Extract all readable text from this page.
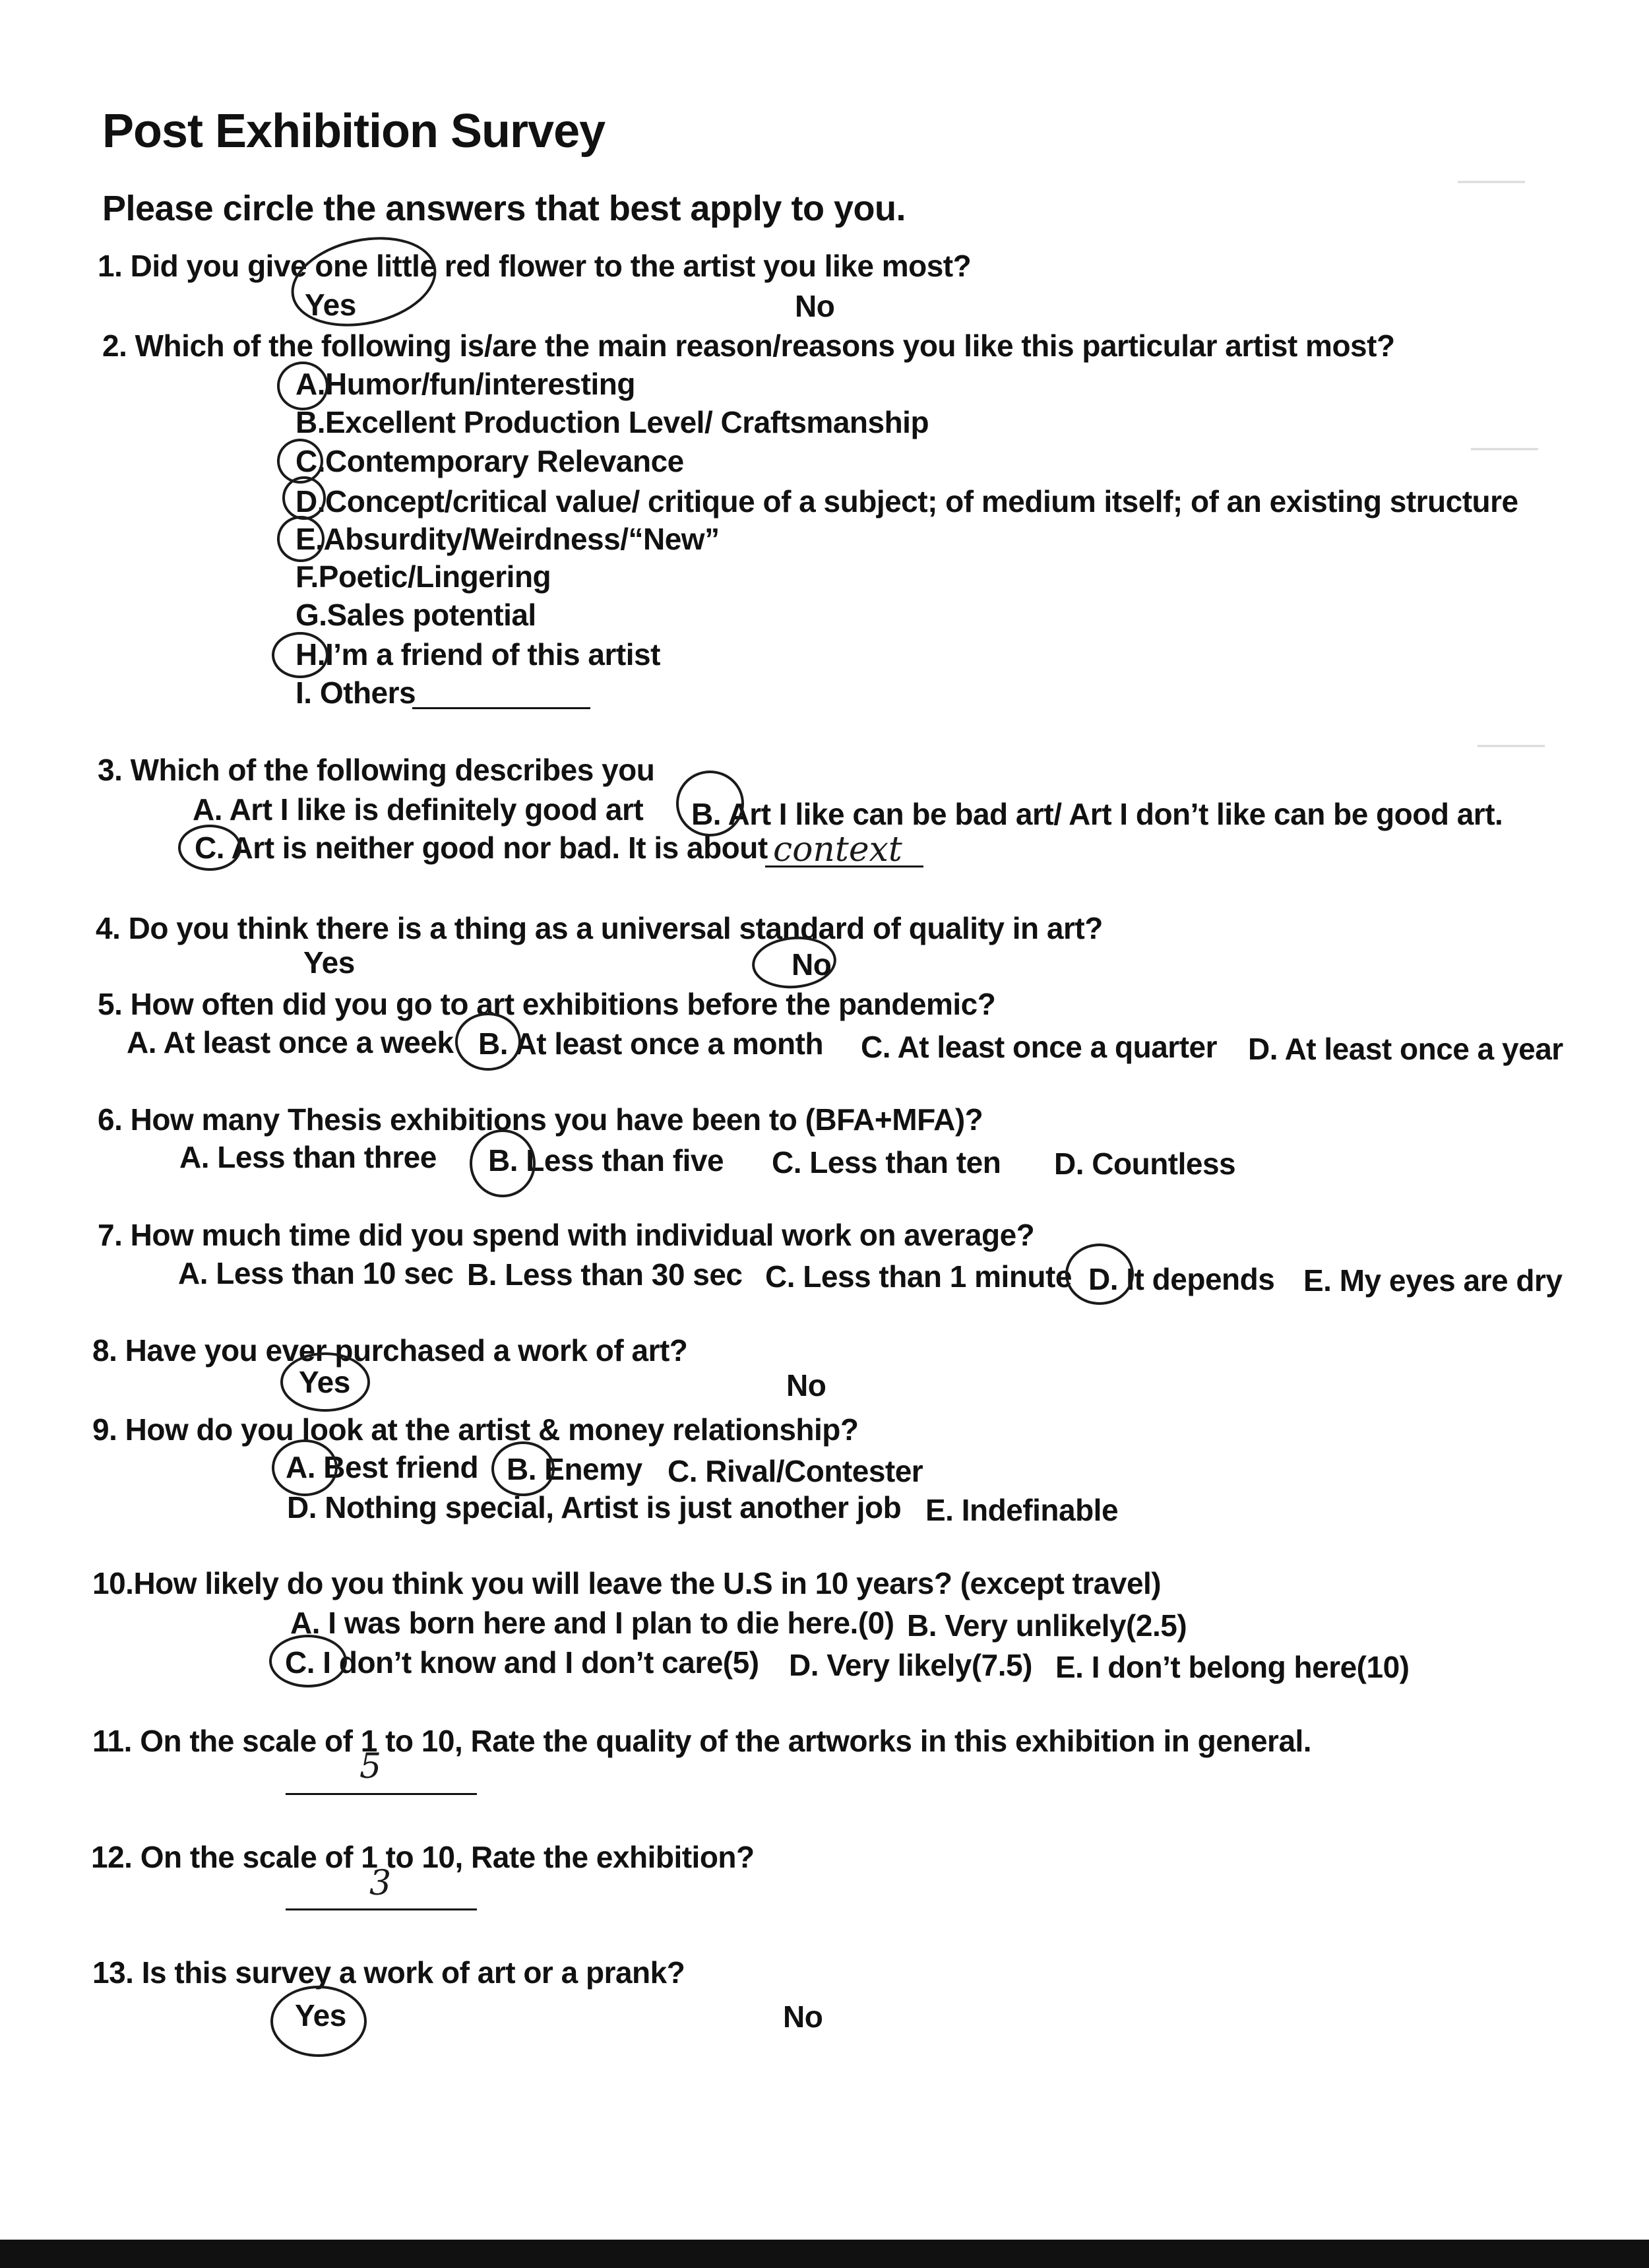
———
———
———
Post Exhibition Survey
Please circle the answers that best apply to you.
1. Did you give one little red flower to the artist you like most?
Yes	No
2. Which of the following is/are the main reason/reasons you like this particular artist most?
A.Humor/fun/interesting
B.Excellent Production Level/ Craftsmanship
C.Contemporary Relevance
D.Concept/critical value/ critique of a subject; of medium itself; of an existing structure
E.Absurdity/Weirdness/“New”
F.Poetic/Lingering
G.Sales potential
H.I’m a friend of this artist
I. Others
3. Which of the following describes you
A. Art I like is definitely good art B. Art I like can be bad art/ Art I don’t like can be good art.
C. Art is neither good nor bad. It is about context
4. Do you think there is a thing as a universal standard of quality in art?
Yes	No
5. How often did you go to art exhibitions before the pandemic?
A. At least once a week B. At least once a month C. At least once a quarter D. At least once a year
6. How many Thesis exhibitions you have been to (BFA+MFA)?
A. Less than three B. Less than five C. Less than ten D. Countless
7. How much time did you spend with individual work on average?
A. Less than 10 sec B. Less than 30 sec C. Less than 1 minute D. It depends E. My eyes are dry
8. Have you ever purchased a work of art?
Yes	No
9. How do you look at the artist & money relationship?
A. Best friend B. Enemy C. Rival/Contester
D. Nothing special, Artist is just another job E. Indefinable
10.How likely do you think you will leave the U.S in 10 years? (except travel)
A. I was born here and I plan to die here.(0) B. Very unlikely(2.5)
C. I don’t know and I don’t care(5) D. Very likely(7.5) E. I don’t belong here(10)
11. On the scale of 1 to 10, Rate the quality of the artworks in this exhibition in general.
5
12. On the scale of 1 to 10, Rate the exhibition?
3
13. Is this survey a work of art or a prank?
Yes	No
